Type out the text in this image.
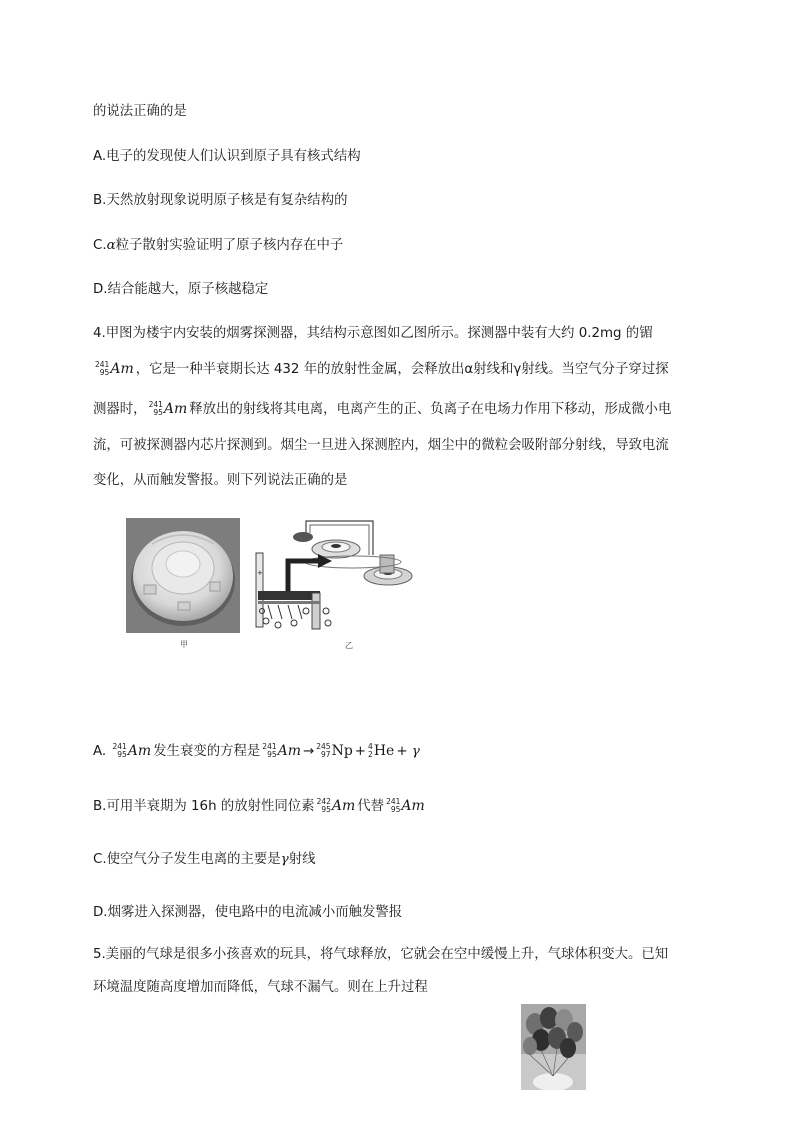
的说法正确的是
A.电子的发现使人们认识到原子具有核式结构
B.天然放射现象说明原子核是有复杂结构的
C.α粒子散射实验证明了原子核内存在中子
D.结合能越大，原子核越稳定
4.甲图为楼宇内安装的烟雾探测器，其结构示意图如乙图所示。探测器中装有大约 0.2mg 的镅
241
95Am ，它是一种半衰期长达 432 年的放射性金属，会释放出α射线和γ射线。当空气分子穿过探
测器时， 241
95Am 释放出的射线将其电离，电离产生的正、负离子在电场力作用下移动，形成微小电
流，可被探测器内芯片探测到。烟尘一旦进入探测腔内，烟尘中的微粒会吸附部分射线，导致电流
变化，从而触发警报。则下列说法正确的是
甲
+
乙
A. 241
95Am 发生衰变的方程是 241
95Am → 245
97Np + 4
2He + γ
B.可用半衰期为 16h 的放射性同位素 242
95Am 代替 241
95Am
C.使空气分子发生电离的主要是γ射线
D.烟雾进入探测器，使电路中的电流减小而触发警报
5.美丽的气球是很多小孩喜欢的玩具，将气球释放，它就会在空中缓慢上升，气球体积变大。已知
环境温度随高度增加而降低，气球不漏气。则在上升过程
